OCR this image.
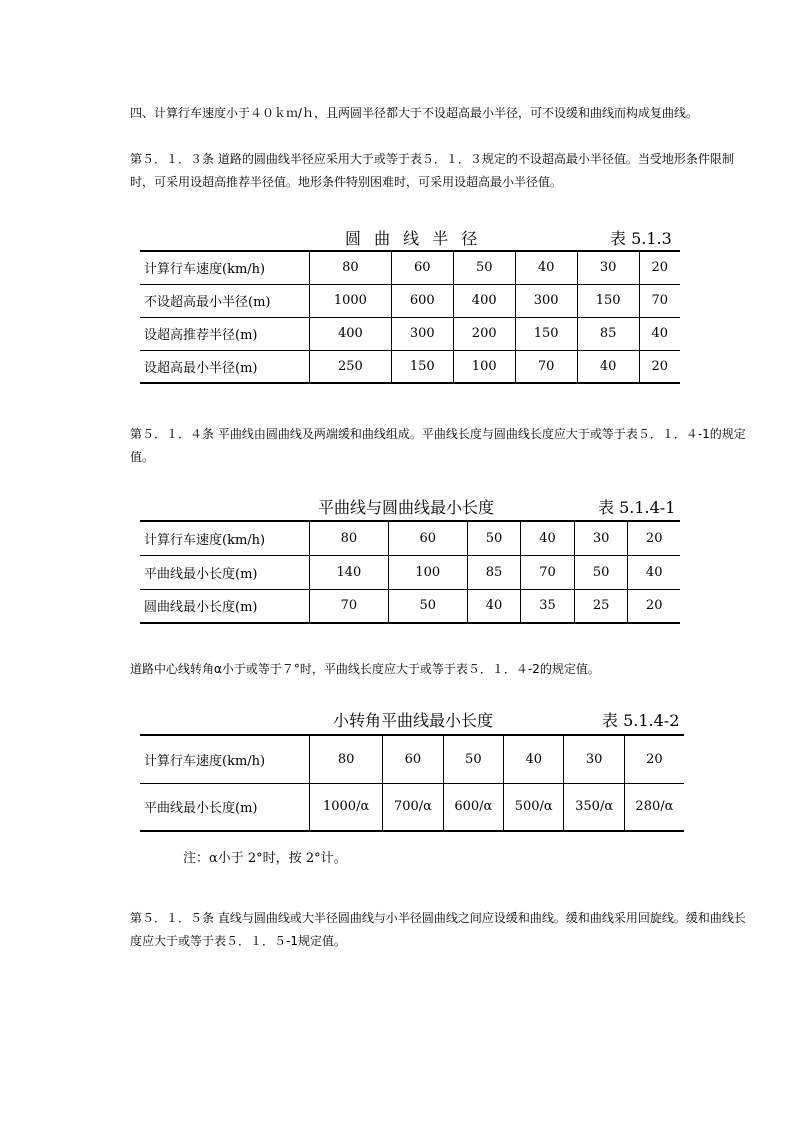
四、计算行车速度小于４０ｋｍ/ｈ，且两圆半径都大于不设超高最小半径，可不设缓和曲线而构成复曲线。

第５．１．３条 道路的圆曲线半径应采用大于或等于表５．１．３规定的不设超高最小半径值。当受地形条件限制时，可采用设超高推荐半径值。地形条件特别困难时，可采用设超高最小半径值。

圆 曲 线 半 径	表 5.1.3
计算行车速度(km/h)	80	60	50	40	30	20
不设超高最小半径(m)	1000	600	400	300	150	70
设超高推荐半径(m)	400	300	200	150	85	40
设超高最小半径(m)	250	150	100	70	40	20

第５．１．４条 平曲线由圆曲线及两端缓和曲线组成。平曲线长度与圆曲线长度应大于或等于表５．１．４-1的规定值。

平曲线与圆曲线最小长度	表 5.1.4-1
计算行车速度(km/h)	80	60	50	40	30	20
平曲线最小长度(m)	140	100	85	70	50	40
圆曲线最小长度(m)	70	50	40	35	25	20

道路中心线转角α小于或等于７°时，平曲线长度应大于或等于表５．１．４-2的规定值。

小转角平曲线最小长度	表 5.1.4-2
计算行车速度(km/h)	80	60	50	40	30	20
平曲线最小长度(m)	1000/α	700/α	600/α	500/α	350/α	280/α
注：α小于 2°时，按 2°计。

第５．１．５条 直线与圆曲线或大半径圆曲线与小半径圆曲线之间应设缓和曲线。缓和曲线采用回旋线。缓和曲线长度应大于或等于表５．１．５-1规定值。
